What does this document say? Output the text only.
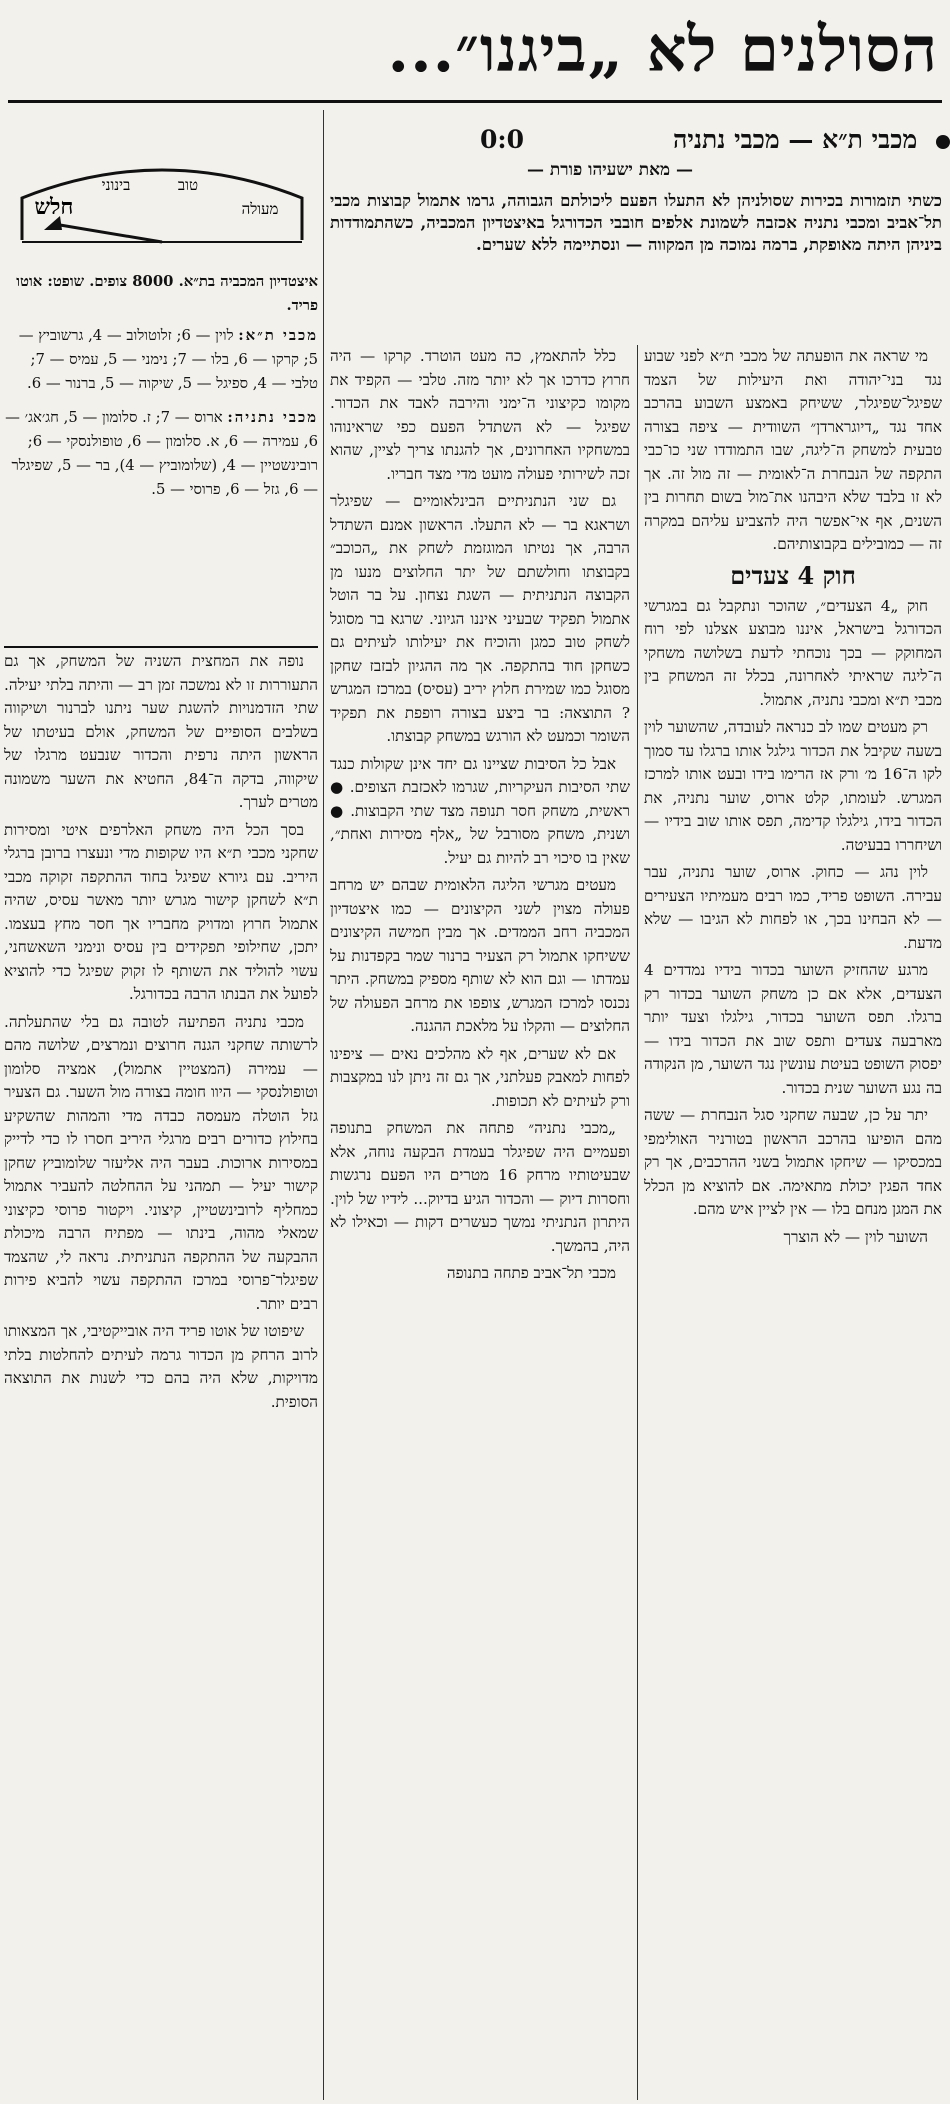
הסולנים לא „ביגנו״...
מכבי ת״א — מכבי נתניה
0:0
— מאת ישעיהו פורת —
כשתי תזמורות בכירות שסולניהן לא התעלו הפעם ליכולתם הגבוהה, גרמו אתמול קבוצות מכבי תל־אביב ומכבי נתניה אכזבה לשמונת אלפים חובבי הכדורגל באיצטדיון המכביה, כשהתמודדות ביניהן היתה מאופקת, ברמה נמוכה מן המקווה — ונסתיימה ללא שערים.
מעולה
טוב
בינוני
חלש

איצטדיון המכביה בת״א. 8000 צופים. שופט: אוטו פריד.

מכבי ת״א: לוין — 6; זלוטולוב — 4, גרשוביץ — 5; קרקו — 6, בלו — 7; נימני — 5, עמיס — 7; טלבי — 4, ספיגל — 5, שיקוה — 5, ברנור — 6.

מכבי נתניה: ארוס — 7; ז. סלומון — 5, חג׳אג׳ — 6, עמירה — 6, א. סלומון — 6, טופולנסקי — 6; רובינשטיין — 4, (שלומוביץ — 4), בר — 5, שפיגלר — 6, גזל — 6, פרוסי — 5.

מי שראה את הופעתה של מכבי ת״א לפני שבוע נגד בני־יהודה ואת היעילות של הצמד שפיגל־שפיגלר, ששיחק באמצע השבוע בהרכב אחד נגד „דיוגרארדן״ השוודית — ציפה בצורה טבעית למשחק ה־ליגה, שבו התמודדו שני כו־כבי התקפה של הנבחרת ה־לאומית — זה מול זה. אך לא זו בלבד שלא היבהנו את־מול בשום תחרות בין השנים, אף אי־אפשר היה להצביע עליהם במקרה זה — כמובילים בקבוצותיהם.

חוק 4 צעדים

חוק „4 הצעדים״, שהוכר ונתקבל גם במגרשי הכדורגל בישראל, איננו מבוצע אצלנו לפי רוח המחוקק — בכך נוכחתי לדעת בשלושה משחקי ה־ליגה שראיתי לאחרונה, בכלל זה המשחק בין מכבי ת״א ומכבי נתניה, אתמול.

רק מעטים שמו לב כנראה לעובדה, שהשוער לוין בשעה שקיבל את הכדור גילגל אותו ברגלו עד סמוך לקו ה־16 מ׳ ורק אז הרימו בידו ובעט אותו למרכז המגרש. לעומתו, קלט ארוס, שוער נתניה, את הכדור בידו, גילגלו קדימה, תפס אותו שוב בידיו — ושיחררו בבעיטה.

לוין נהג — כחוק. ארוס, שוער נתניה, עבר עבירה. השופט פריד, כמו רבים מעמיתיו הצעירים — לא הבחינו בכך, או לפחות לא הגיבו — שלא מדעת.

מרגע שהחזיק השוער בכדור בידיו נמדדים 4 הצעדים, אלא אם כן משחק השוער בכדור רק ברגלו. תפס השוער בכדור, גילגלו וצעד יותר מארבעה צעדים ותפס שוב את הכדור בידו — יפסוק השופט בעיטת עונשין נגד השוער, מן הנקודה בה נגע השוער שנית בכדור.

יתר על כן, שבעה שחקני סגל הנבחרת — ששה מהם הופיעו בהרכב הראשון בטורניר האולימפי במכסיקו — שיחקו אתמול בשני ההרכבים, אך רק אחד הפגין יכולת מתאימה. אם להוציא מן הכלל את המגן מנחם בלו — אין לציין איש מהם.

השוער לוין — לא הוצרך

כלל להתאמץ, כה מעט הוטרד. קרקו — היה חרוץ כדרכו אך לא יותר מזה. טלבי — הקפיד את מקומו כקיצוני ה־ימני והירבה לאבד את הכדור. שפיגל — לא השתדל הפעם כפי שראינוהו במשחקיו האחרונים, אך להגנתו צריך לציין, שהוא זכה לשירותי פעולה מועט מדי מצד חבריו.

גם שני הנתניתיים הבינלאומיים — שפיגלר ושראגא בר — לא התעלו. הראשון אמנם השתדל הרבה, אך נטיתו המוגזמת לשחק את „הכוכב״ בקבוצתו וחולשתם של יתר החלוצים מנעו מן הקבוצה הנתניתית — השגת נצחון. על בר הוטל אתמול תפקיד שבעיני איננו הגיוני. שרגא בר מסוגל לשחק טוב כמגן והוכיח את יעילותו לעיתים גם כשחקן חוד בהתקפה. אך מה ההגיון לבזבז שחקן מסוגל כמו שמירת חלוץ יריב (עסיס) במרכז המגרש ? התוצאה: בר ביצע בצורה רופפת את תפקיד השומר וכמעט לא הורגש במשחק קבוצתו.

אבל כל הסיבות שציינו גם יחד אינן שקולות כנגד שתי הסיבות העיקריות, שגרמו לאכזבת הצופים. ● ראשית, משחק חסר תנופה מצד שתי הקבוצות. ● ושנית, משחק מסורבל של „אלף מסירות ואחת״, שאין בו סיכוי רב להיות גם יעיל.

מעטים מגרשי הליגה הלאומית שבהם יש מרחב פעולה מצוין לשני הקיצונים — כמו איצטדיון המכביה רחב הממדים. אך מבין חמישה הקיצונים ששיחקו אתמול רק הצעיר ברנור שמר בקפדנות על עמדתו — וגם הוא לא שותף מספיק במשחק. היתר נכנסו למרכז המגרש, צופפו את מרחב הפעולה של החלוצים — והקלו על מלאכת ההגנה.

אם לא שערים, אף לא מהלכים נאים — ציפינו לפחות למאבק פעלתני, אך גם זה ניתן לנו במקצבות ורק לעיתים לא תכופות.

„מכבי נתניה״ פתחה את המשחק בתנופה ופעמיים היה שפיגלר בעמדת הבקעה נוחה, אלא שבעיטותיו מרחק 16 מטרים היו הפעם נרגשות וחסרות דיוק — והכדור הגיע בדיוק... לידיו של לוין. היתרון הנתניתי נמשך כעשרים דקות — וכאילו לא היה, בהמשך.

מכבי תל־אביב פתחה בתנופה

נופה את המחצית השניה של המשחק, אך גם התעוררות זו לא נמשכה זמן רב — והיתה בלתי יעילה. שתי הזדמנויות להשגת שער ניתנו לברנור ושיקווה בשלבים הסופיים של המשחק, אולם בעיטתו של הראשון היתה נרפית והכדור שנבעט מרגלו של שיקווה, בדקה ה־84, החטיא את השער משמונה מטרים לערך.

בסך הכל היה משחק האלרפים איטי ומסירות שחקני מכבי ת״א היו שקופות מדי ונעצרו ברובן ברגלי היריב. עם גיורא שפיגל בחוד ההתקפה זקוקה מכבי ת״א לשחקן קישור מגרש יותר מאשר עסיס, שהיה אתמול חרוץ ומדויק מחבריו אך חסר מחץ בעצמו. יתכן, שחילופי תפקידים בין עסיס ונימני השאשחני, עשוי להוליד את השותף לו זקוק שפיגל כדי להוציא לפועל את הבנתו הרבה בכדורגל.

מכבי נתניה הפתיעה לטובה גם בלי שהתעלתה. לרשותה שחקני הגנה חרוצים ונמרצים, שלושה מהם — עמירה (המצטיין אתמול), אמציה סלומון וטופולנסקי — היוו חומה בצורה מול השער. גם הצעיר גזל הוטלה מעמסה כבדה מדי והמהות שהשקיע בחילוץ כדורים רבים מרגלי היריב חסרו לו כדי לדייק במסירות ארוכות. בעבר היה אליעזר שלומוביץ שחקן קישור יעיל — תמהני על ההחלטה להעביר אתמול כמחליף לרובינשטיין, קיצוני. ויקטור פרוסי כקיצוני שמאלי מהוה, בינתו — מפתיח הרבה מיכולת ההבקעה של ההתקפה הנתניתית. נראה לי, שהצמד שפיגלר־פרוסי במרכז ההתקפה עשוי להביא פירות רבים יותר.

שיפוטו של אוטו פריד היה אובייקטיבי, אך המצאותו לרוב הרחק מן הכדור גרמה לעיתים להחלטות בלתי מדויקות, שלא היה בהם כדי לשנות את התוצאה הסופית.
